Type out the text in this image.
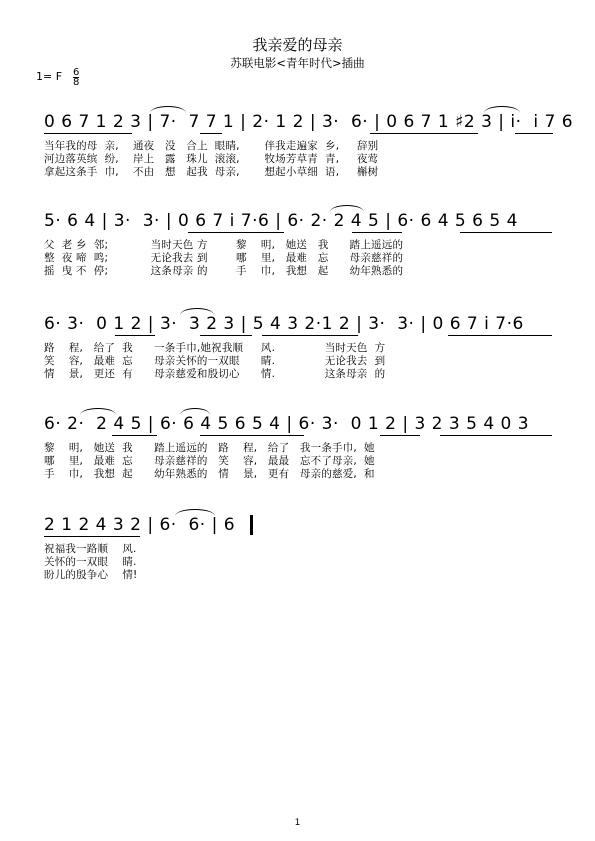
我亲爱的母亲
苏联电影<青年时代>插曲
1= F 6
8
0 6 7 1 2 3 | 7·  7 7 1 | 2· 1 2 | 3·  6· | 0 6 7 1 ♯2 3 | i·  i 7 6
当年我的母  亲,    通夜   没   合上  眼睛,       伴我走遍家  乡,     辞别
河边落英缤  纷,    岸上   露   珠儿  滚滚,       牧场芳草青  青,     夜莺
拿起这条手  巾,    不由   想   起我  母亲,       想起小草细  语,     槲树
5· 6 4 | 3·  3· | 0 6 7 i 7·6 | 6· 2· 2 4 5 | 6· 6 4 5 6 5 4
父  老 乡  邻;            当时天色 方        黎    明,   她送   我      踏上遥远的
整  夜 啼  鸣;            无论我去 到        哪    里,   最难   忘      母亲慈祥的
摇  曳 不  停;            这条母亲 的        手    巾,   我想   起      幼年熟悉的
6· 3·  0 1 2 | 3·  3 2 3 | 5 4 3 2·1 2 | 3·  3· | 0 6 7 i 7·6
路    程,   给了  我      一条手巾,她祝我顺     风.              当时天色  方
笑    容,   最难  忘      母亲关怀的一双眼      睛.              无论我去  到
情    景,   更还  有      母亲慈爱和殷切心      情.              这条母亲  的
6· 2·  2 4 5 | 6· 6 4 5 6 5 4 | 6· 3·  0 1 2 | 3 2 3 5 4 0 3
黎    明,   她送  我      踏上遥远的   路    程,   给了   我一条手巾,  她
哪    里,   最难  忘      母亲慈祥的   笑    容,   最最   忘不了母亲,  她
手    巾,   我想  起      幼年熟悉的   情    景,   更有   母亲的慈爱,  和
2 1 2 4 3 2 | 6·  6· | 6
祝福我一路顺    风.
关怀的一双眼    睛.
盼儿的殷争心    情!
1
